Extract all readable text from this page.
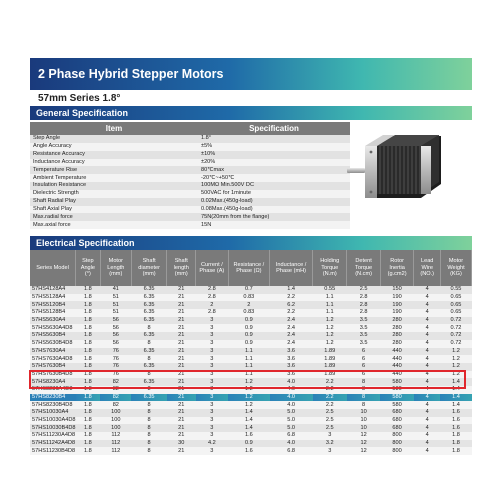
2 Phase Hybrid Stepper Motors
57mm Series 1.8°
General Specification
Item	Specification
Step Angle	1.8°
Angle Accuracy	±5%
Resistance Accuracy	±10%
Inductance Accuracy	±20%
Temperature Rise	80℃max
Ambient Temperature	-20℃~+50℃
Insulation Resistance	100MΩ Min.500V DC
Dielectric Strength	500VAC for 1minute
Shaft Radial Play	0.02Max.(450g-load)
Shaft Axial Play	0.08Max.(450g-load)
Max.radial force	75N(20mm from the flange)
Max.axial force	15N
Electrical Specification
Series Model	Step Angle (°)	Motor Length (mm)	Shaft diameter (mm)	Shaft length (mm)	Current / Phase (A)	Resistance / Phase (Ω)	Inductance / Phase (mH)	Holding Torque (N.m)	Detent Torque (N.cm)	Rotor Inertia (g.cm2)	Lead Wire (NO.)	Motor Weight (KG)
57HS4128A4	1.8	41	6.35	21	2.8	0.7	1.4	0.55	2.5	150	4	0.55
57HS5128A4	1.8	51	6.35	21	2.8	0.83	2.2	1.1	2.8	190	4	0.65
57HS5120B4	1.8	51	6.35	21	2	2	6.2	1.1	2.8	190	4	0.65
57HS5128B4	1.8	51	6.35	21	2.8	0.83	2.2	1.1	2.8	190	4	0.65
57HS5630A4	1.8	56	6.35	21	3	0.9	2.4	1.2	3.5	280	4	0.72
57HS5630A4D8	1.8	56	8	21	3	0.9	2.4	1.2	3.5	280	4	0.72
57HS5630B4	1.8	56	6.35	21	3	0.9	2.4	1.2	3.5	280	4	0.72
57HS5630B4D8	1.8	56	8	21	3	0.9	2.4	1.2	3.5	280	4	0.72
57HS7630A4	1.8	76	6.35	21	3	1.1	3.6	1.89	6	440	4	1.2
57HS7630A4D8	1.8	76	8	21	3	1.1	3.6	1.89	6	440	4	1.2
57HS7630B4	1.8	76	6.35	21	3	1.1	3.6	1.89	6	440	4	1.2
57HS7630B4D8	1.8	76	8	21	3	1.1	3.6	1.89	6	440	4	1.2
57HS8230A4	1.8	82	6.35	21	3	1.2	4.0	2.2	8	580	4	1.4
57HS8230A4D8	1.8	82	8	21	3	1.2	4.0	2.2	8	580	4	1.4
57HS8230B4	1.8	82	6.35	21	3	1.2	4.0	2.2	8	580	4	1.4
57HS8230B4D8	1.8	82	8	21	3	1.2	4.0	2.2	8	580	4	1.4
57HS10030A4	1.8	100	8	21	3	1.4	5.0	2.5	10	680	4	1.6
57HS10030A4D8	1.8	100	8	21	3	1.4	5.0	2.5	10	680	4	1.6
57HS10030B4D8	1.8	100	8	21	3	1.4	5.0	2.5	10	680	4	1.6
57HS11230A4D8	1.8	112	8	21	3	1.6	6.8	3	12	800	4	1.8
57HS11242A4D8	1.8	112	8	30	4.2	0.9	4.0	3.2	12	800	4	1.8
57HS11230B4D8	1.8	112	8	21	3	1.6	6.8	3	12	800	4	1.8
